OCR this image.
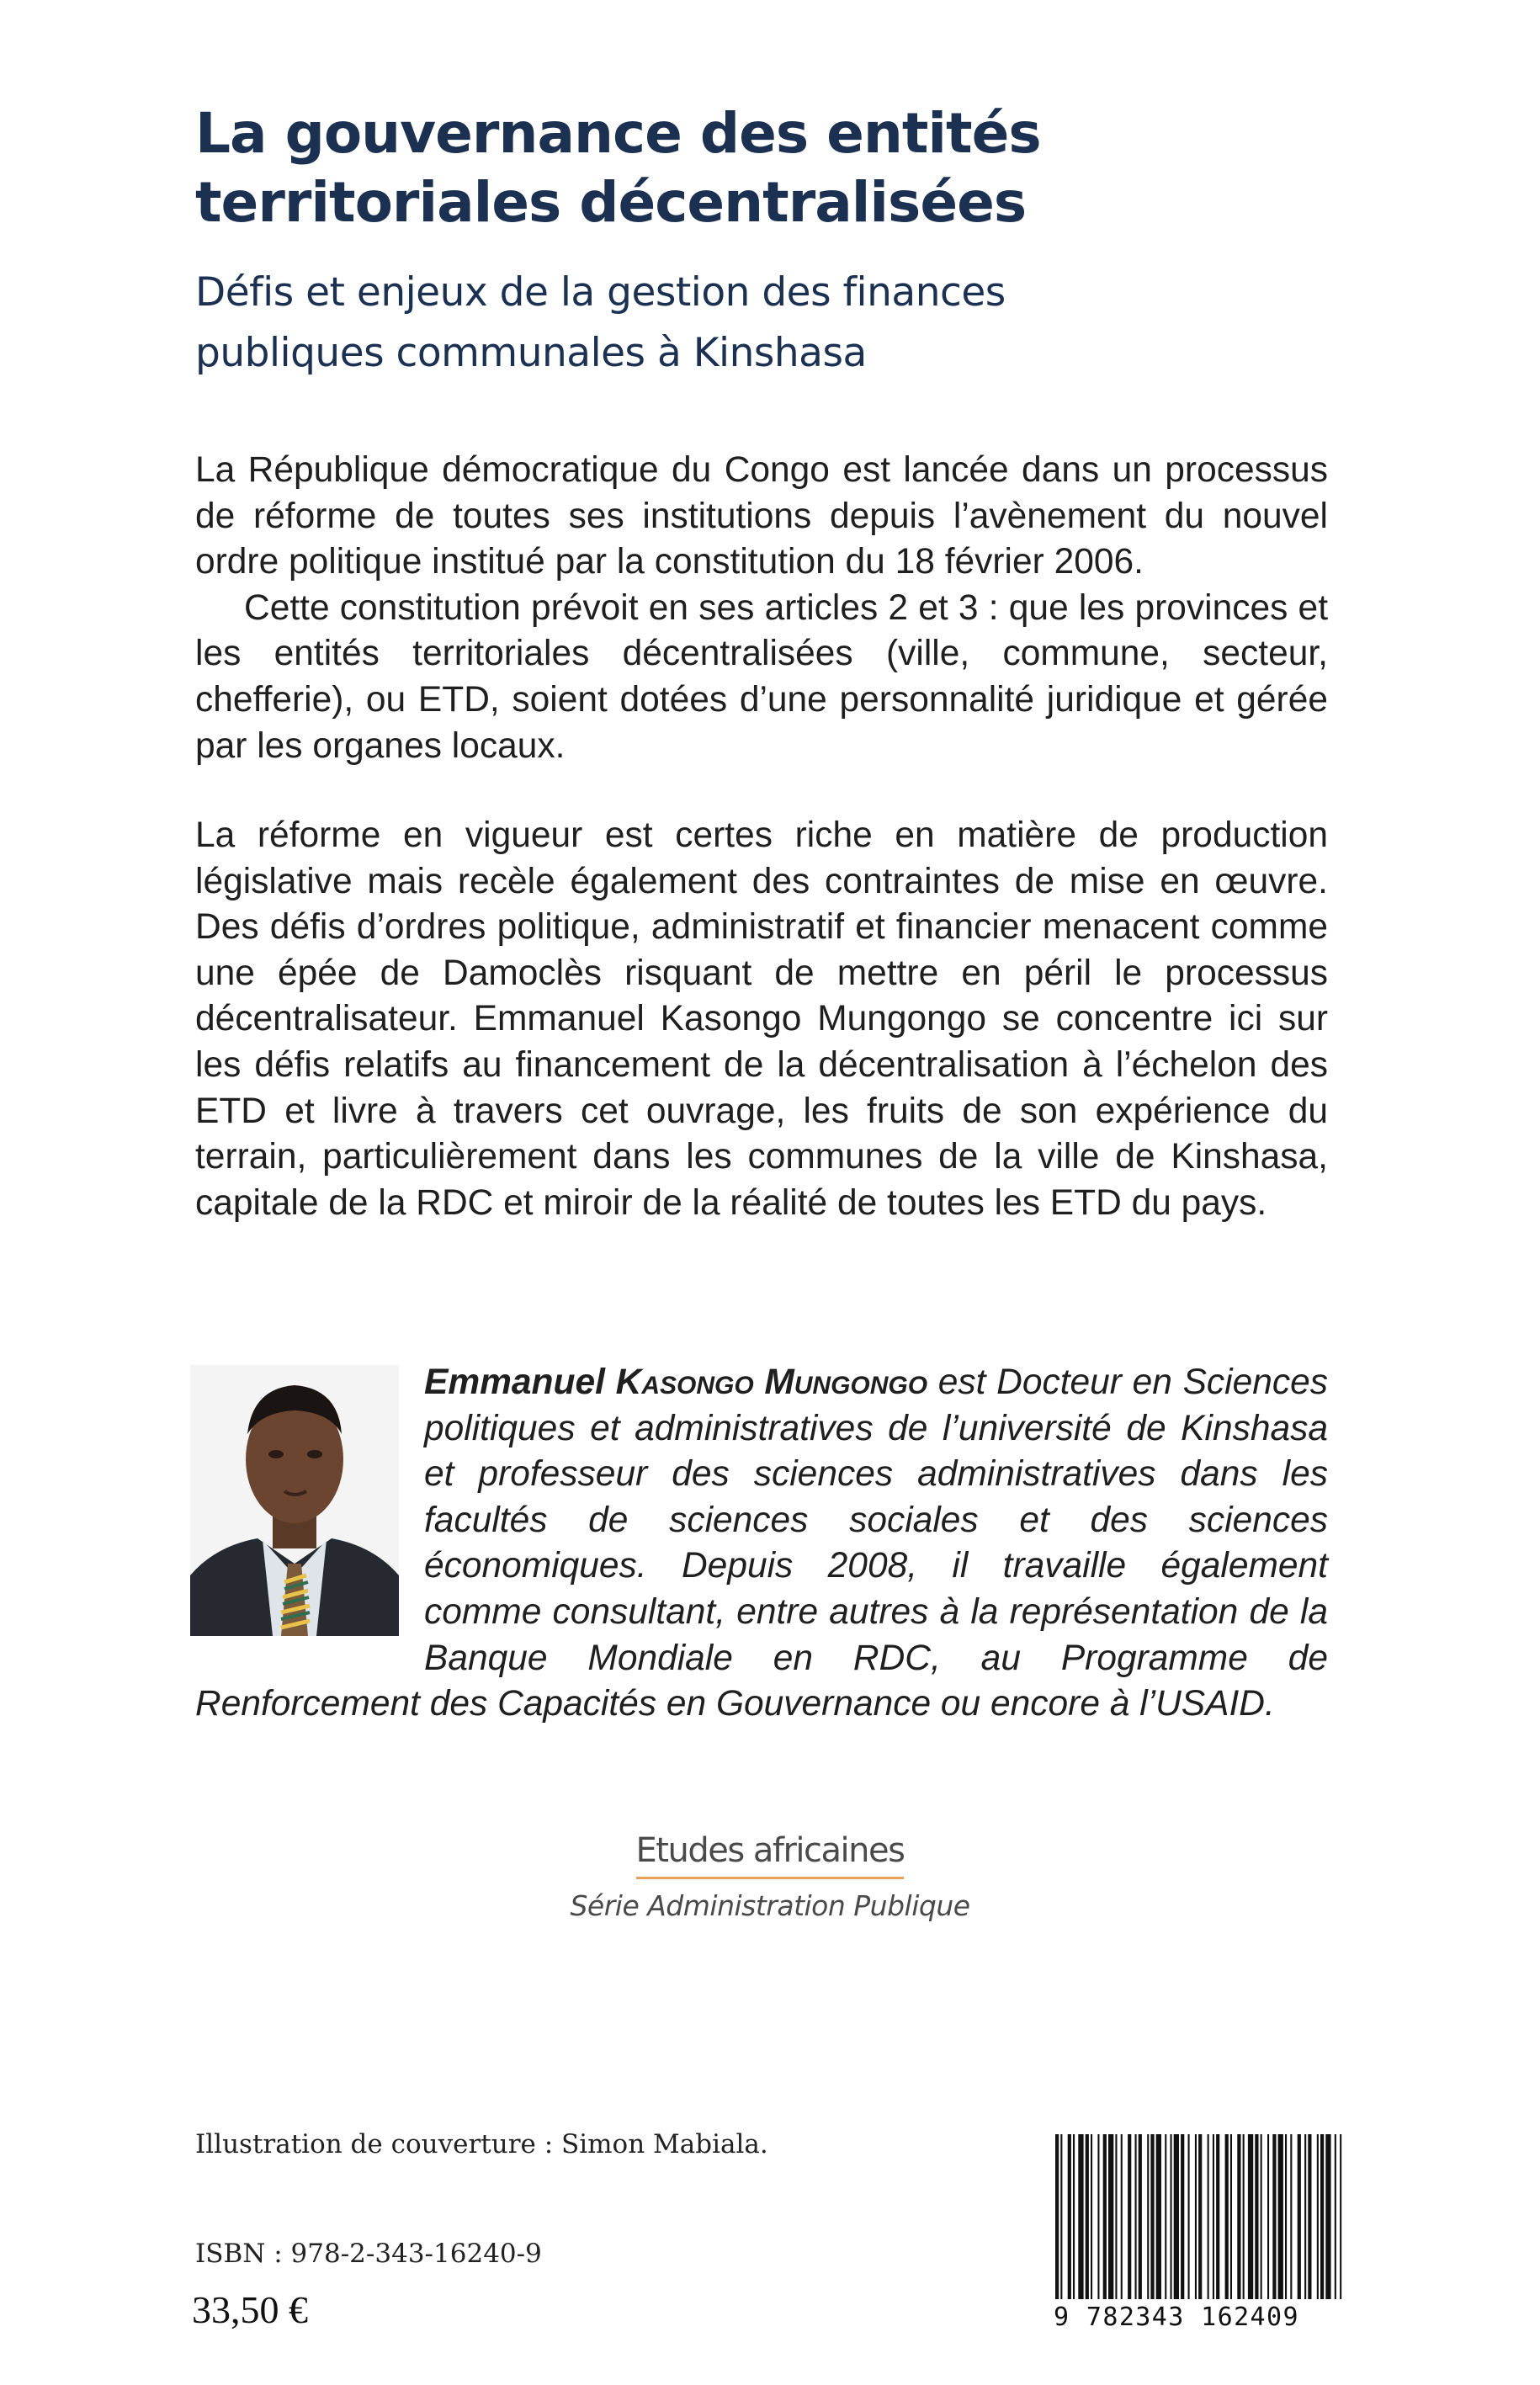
La gouvernance des entités
territoriales décentralisées
Défis et enjeux de la gestion des finances
publiques communales à Kinshasa

La République démocratique du Congo est lancée dans un processus de réforme de toutes ses institutions depuis l’avènement du nouvel ordre politique institué par la constitution du 18 février 2006.

Cette constitution prévoit en ses articles 2 et 3 : que les provinces et les entités territoriales décentralisées (ville, commune, secteur, chefferie), ou ETD, soient dotées d’une personnalité juridique et gérée par les organes locaux.

La réforme en vigueur est certes riche en matière de production législative mais recèle également des contraintes de mise en œuvre. Des défis d’ordres politique, administratif et financier menacent comme une épée de Damoclès risquant de mettre en péril le processus décentralisateur. Emmanuel Kasongo Mungongo se concentre ici sur les défis relatifs au financement de la décentralisation à l’échelon des ETD et livre à travers cet ouvrage, les fruits de son expérience du terrain, particulièrement dans les communes de la ville de Kinshasa, capitale de la RDC et miroir de la réalité de toutes les ETD du pays.

Emmanuel Kasongo Mungongo est Docteur en Sciences politiques et administratives de l’université de Kinshasa et professeur des sciences administratives dans les facultés de sciences sociales et des sciences économiques. Depuis 2008, il travaille également comme consultant, entre autres à la représentation de la Banque Mondiale en RDC, au Programme de Renforcement des Capacités en Gouvernance ou encore à l’USAID.

Etudes africaines
Série Administration Publique
Illustration de couverture : Simon Mabiala.
ISBN : 978-2-343-16240-9
33,50 €	9 782343 162409
